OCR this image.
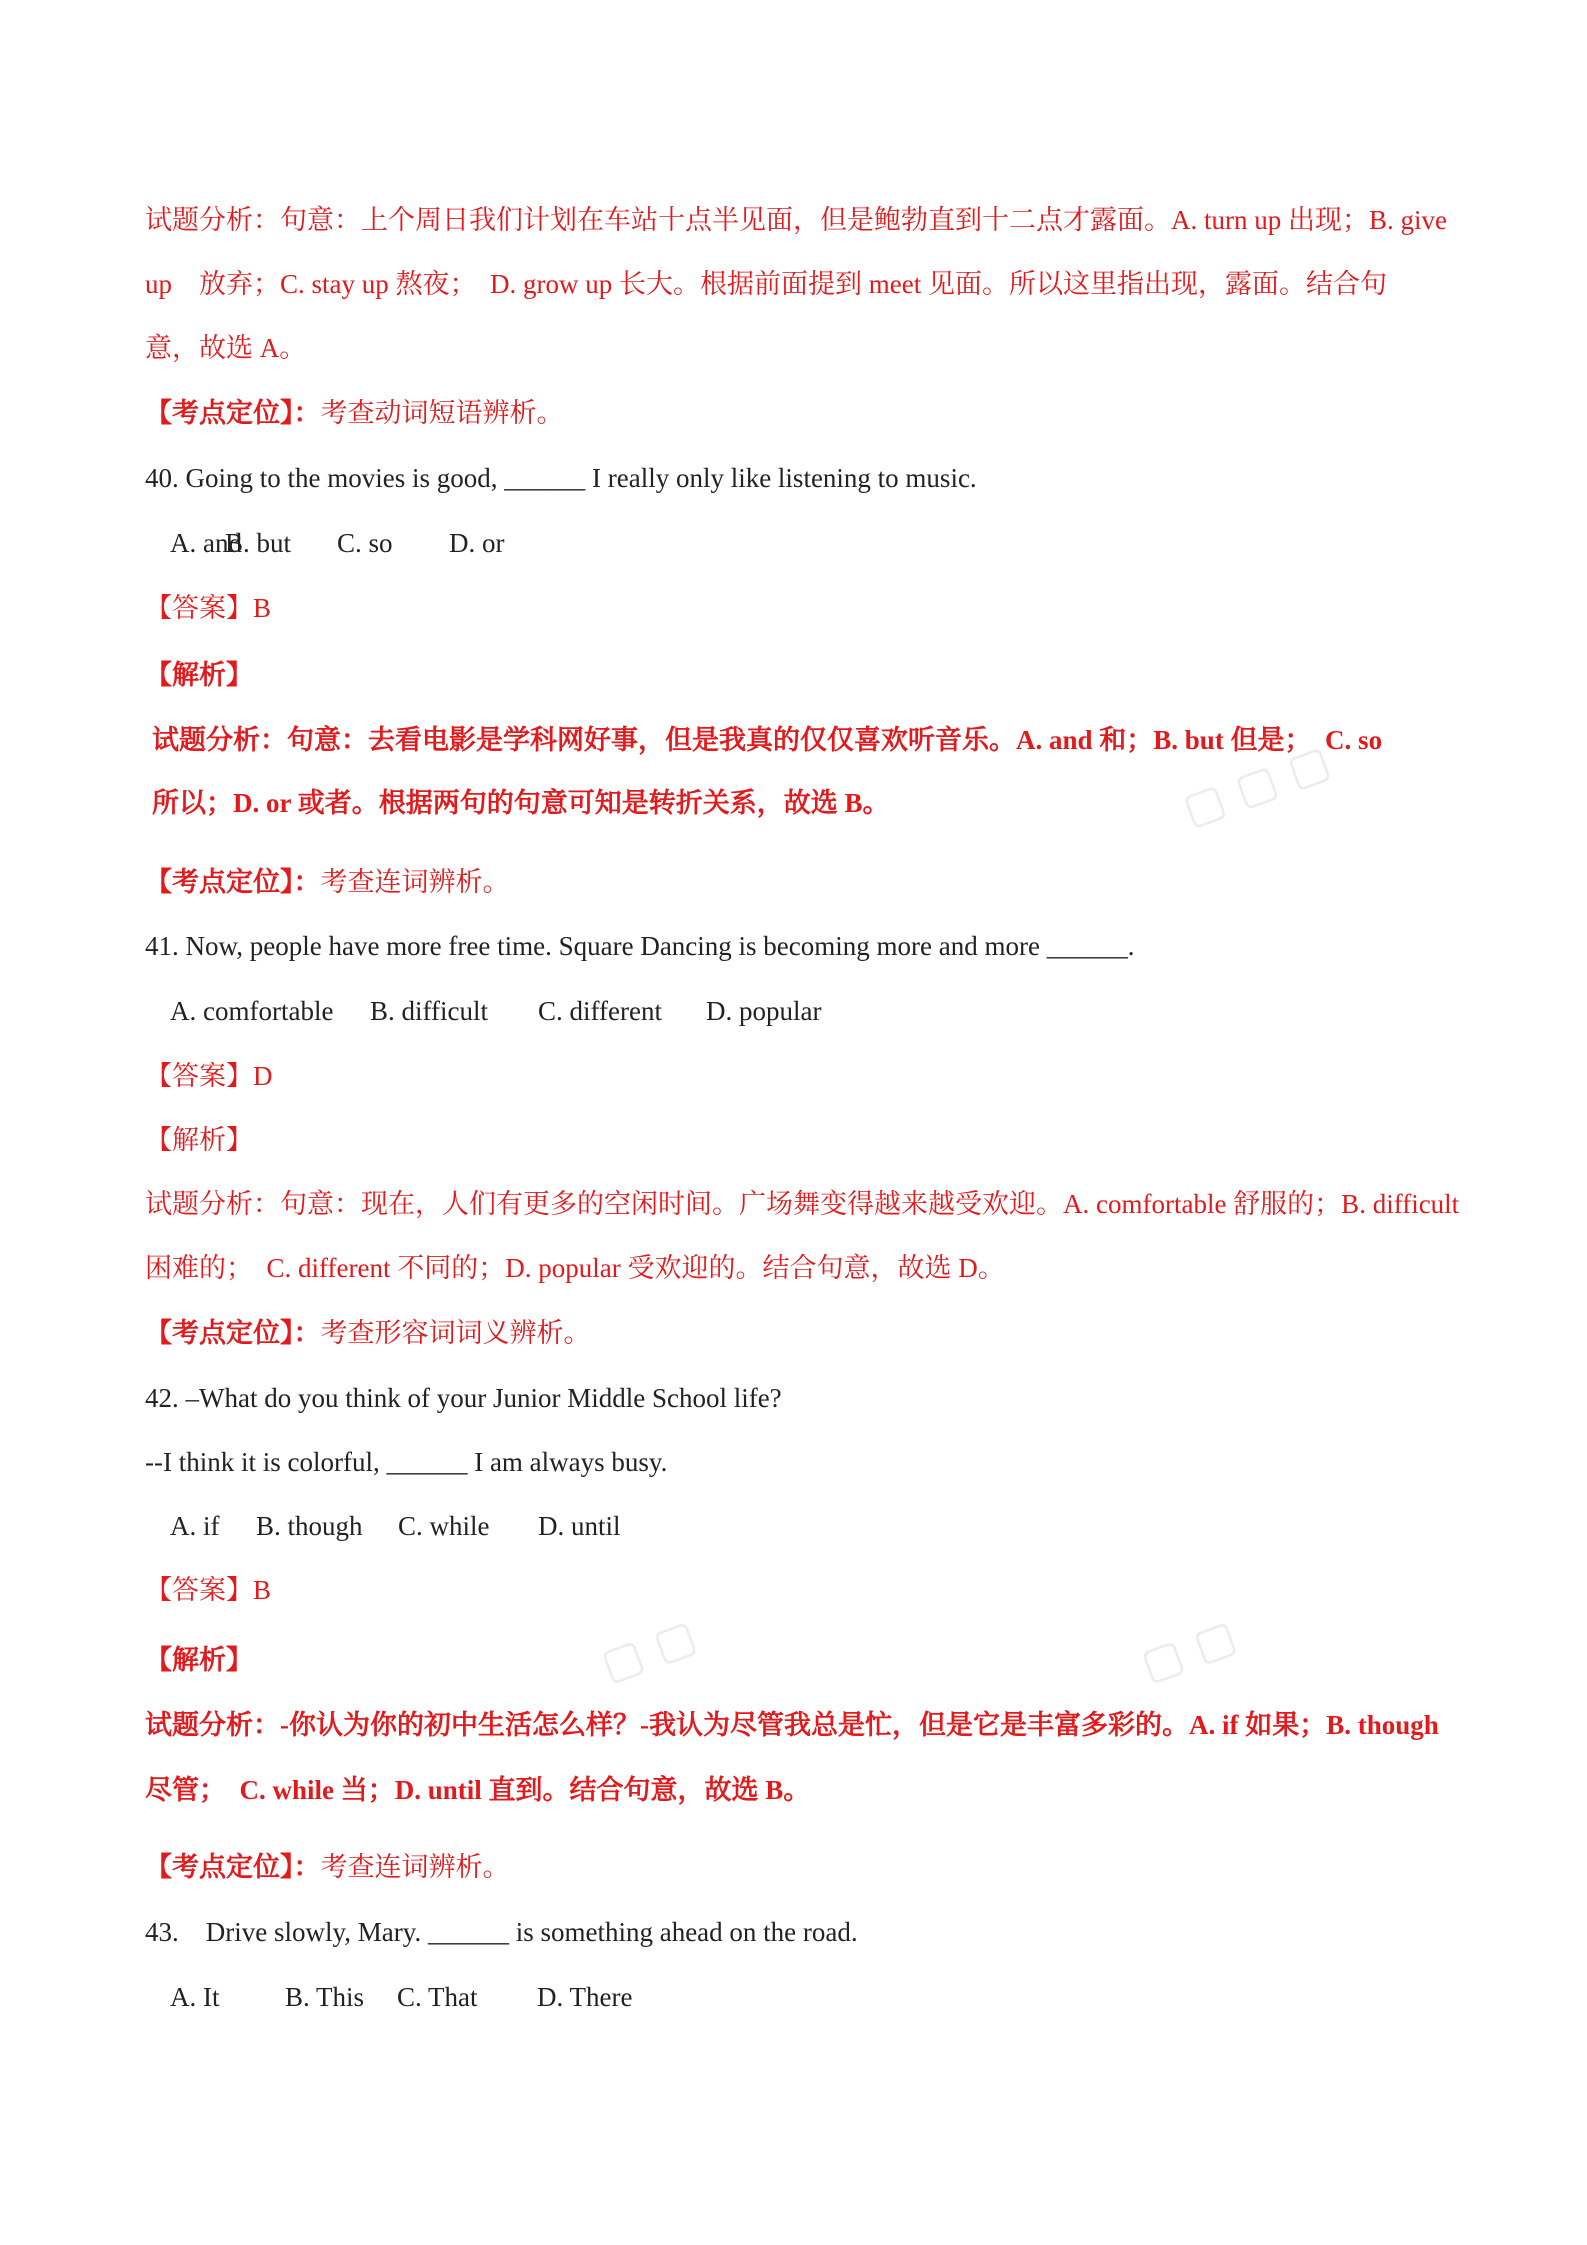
试题分析：句意：上个周日我们计划在车站十点半见面，但是鲍勃直到十二点才露面。A. turn up 出现；B. give
up　放弃；C. stay up 熬夜；　D. grow up 长大。根据前面提到 meet 见面。所以这里指出现，露面。结合句
意，故选 A。
【考点定位】：考查动词短语辨析。
40. Going to the movies is good, ______ I really only like listening to music.
A. andB. but C. so D. or
【答案】B
【解析】
试题分析：句意：去看电影是学科网好事，但是我真的仅仅喜欢听音乐。A. and 和；B. but 但是；　C. so
所以；D. or 或者。根据两句的句意可知是转折关系，故选 B。	▢ ▢ ▢
【考点定位】：考查连词辨析。
41. Now, people have more free time. Square Dancing is becoming more and more ______.
A. comfortable B. difficult C. different D. popular
【答案】D
【解析】
试题分析：句意：现在，人们有更多的空闲时间。广场舞变得越来越受欢迎。A. comfortable 舒服的；B. difficult
困难的；　C. different 不同的；D. popular 受欢迎的。结合句意，故选 D。
【考点定位】：考查形容词词义辨析。
42. –What do you think of your Junior Middle School life?
--I think it is colorful, ______ I am always busy.
A. if B. though C. while D. until
【答案】B
【解析】
试题分析：-你认为你的初中生活怎么样？-我认为尽管我总是忙，但是它是丰富多彩的。A. if 如果；B. though
尽管；　C. while 当；D. until 直到。结合句意，故选 B。
▢ ▢	▢ ▢
【考点定位】：考查连词辨析。
43.　Drive slowly, Mary. ______ is something ahead on the road.
A. It B. This C. That D. There
